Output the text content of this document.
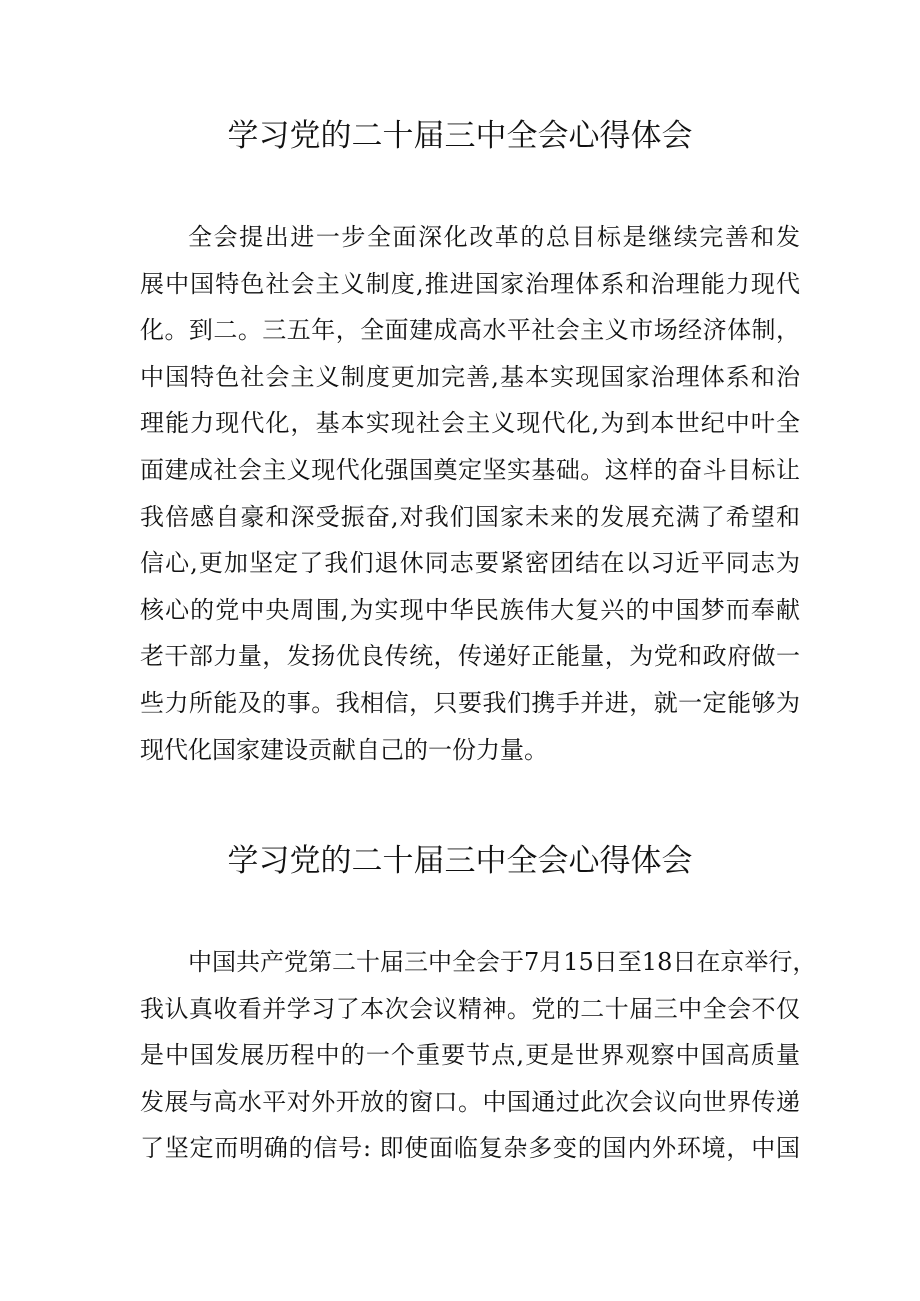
学习党的二十届三中全会心得体会
全会提出进一步全面深化改革的总目标是继续完善和发
展中国特色社会主义制度,推进国家治理体系和治理能力现代
化。到二。三五年，全面建成高水平社会主义市场经济体制，
中国特色社会主义制度更加完善,基本实现国家治理体系和治
理能力现代化，基本实现社会主义现代化,为到本世纪中叶全
面建成社会主义现代化强国奠定坚实基础。这样的奋斗目标让
我倍感自豪和深受振奋,对我们国家未来的发展充满了希望和
信心,更加坚定了我们退休同志要紧密团结在以习近平同志为
核心的党中央周围,为实现中华民族伟大复兴的中国梦而奉献
老干部力量，发扬优良传统，传递好正能量，为党和政府做一
些力所能及的事。我相信，只要我们携手并进，就一定能够为
现代化国家建设贡献自己的一份力量。
学习党的二十届三中全会心得体会
中国共产党第二十届三中全会于7月15日至18日在京举行，
我认真收看并学习了本次会议精神。党的二十届三中全会不仅
是中国发展历程中的一个重要节点,更是世界观察中国高质量
发展与高水平对外开放的窗口。中国通过此次会议向世界传递
了坚定而明确的信号: 即使面临复杂多变的国内外环境，中国
